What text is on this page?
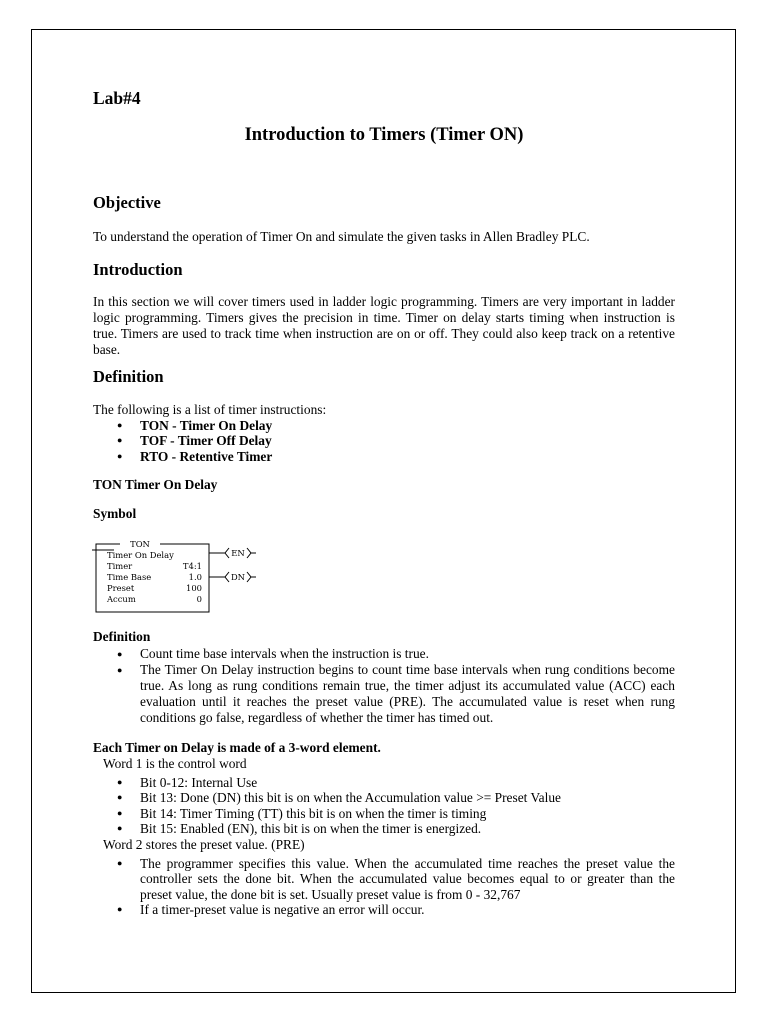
Lab#4
Introduction to Timers (Timer ON)
Objective
To understand the operation of Timer On and simulate the given tasks in Allen Bradley PLC.
Introduction
In this section we will cover timers used in ladder logic programming. Timers are very important in ladder logic programming. Timers gives the precision in time. Timer on delay starts timing when instruction is true. Timers are used to track time when instruction are on or off. They could also keep track on a retentive base.
Definition
The following is a list of timer instructions:
● TON - Timer On Delay
● TOF - Timer Off Delay
● RTO - Retentive Timer
TON Timer On Delay
Symbol
TON
Timer On Delay
Timer	T4:1
Time Base	1.0
Preset	100
Accum	0
EN
DN
Definition
● Count time base intervals when the instruction is true.
● The Timer On Delay instruction begins to count time base intervals when rung conditions become true. As long as rung conditions remain true, the timer adjust its accumulated value (ACC) each evaluation until it reaches the preset value (PRE). The accumulated value is reset when rung conditions go false, regardless of whether the timer has timed out.
Each Timer on Delay is made of a 3-word element.
Word 1 is the control word
● Bit 0-12: Internal Use
● Bit 13: Done (DN) this bit is on when the Accumulation value >= Preset Value
● Bit 14: Timer Timing (TT) this bit is on when the timer is timing
● Bit 15: Enabled (EN), this bit is on when the timer is energized.
Word 2 stores the preset value. (PRE)
● The programmer specifies this value. When the accumulated time reaches the preset value the controller sets the done bit. When the accumulated value becomes equal to or greater than the preset value, the done bit is set. Usually preset value is from 0 - 32,767
● If a timer-preset value is negative an error will occur.
